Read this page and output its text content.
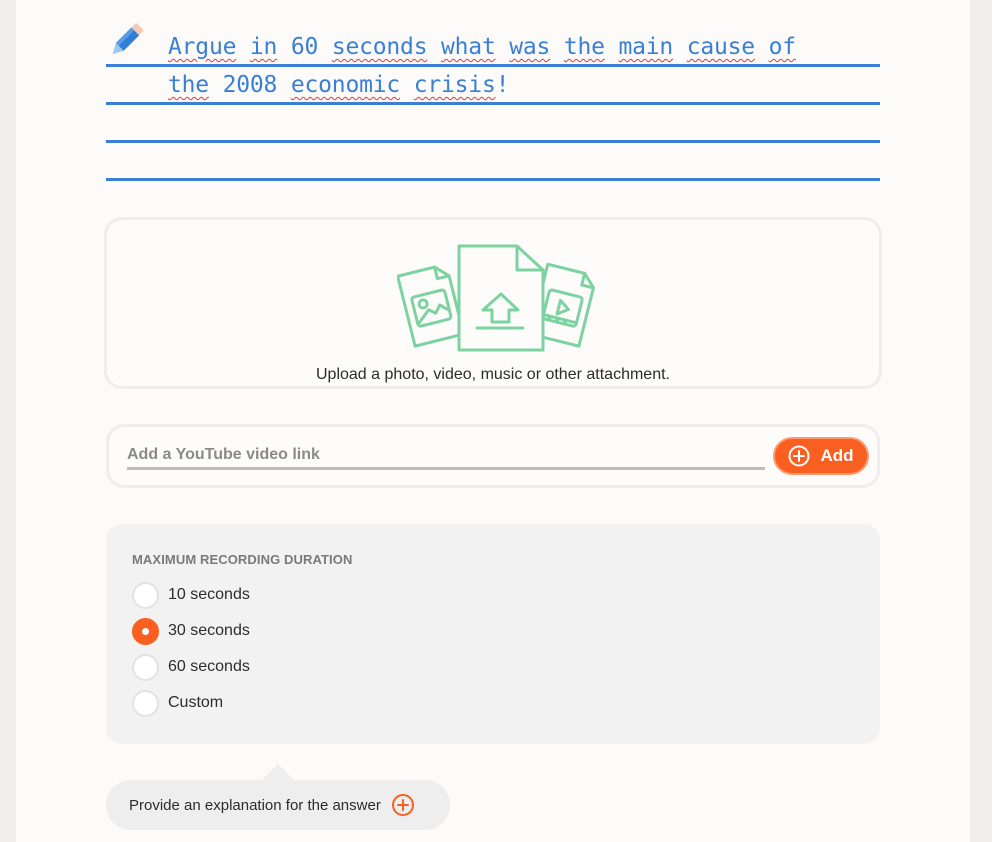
Argue in 60 seconds what was the main cause of
the 2008 economic crisis!
Upload a photo, video, music or other attachment.
Add a YouTube video link
Add
MAXIMUM RECORDING DURATION
10 seconds
30 seconds
60 seconds
Custom
Provide an explanation for the answer
